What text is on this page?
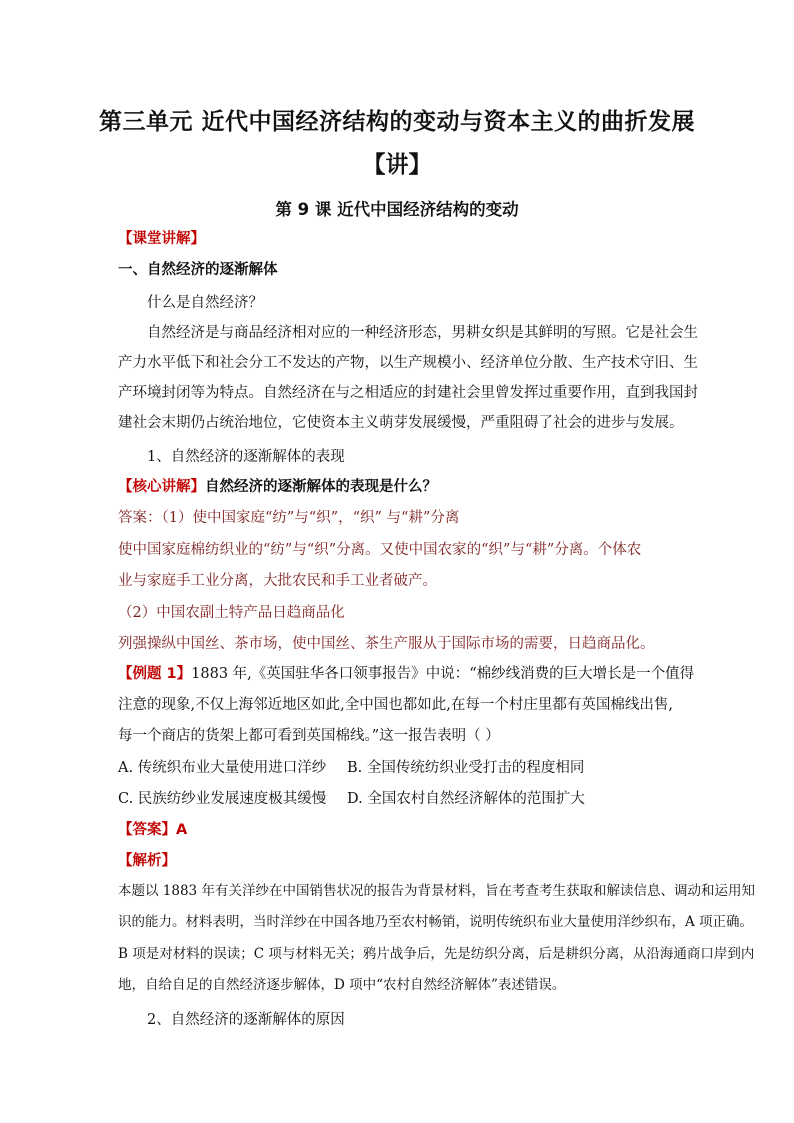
第三单元 近代中国经济结构的变动与资本主义的曲折发展
【讲】
第 9 课 近代中国经济结构的变动
【课堂讲解】
一、自然经济的逐渐解体
什么是自然经济？
自然经济是与商品经济相对应的一种经济形态，男耕女织是其鲜明的写照。它是社会生
产力水平低下和社会分工不发达的产物，以生产规模小、经济单位分散、生产技术守旧、生
产环境封闭等为特点。自然经济在与之相适应的封建社会里曾发挥过重要作用，直到我国封
建社会末期仍占统治地位，它使资本主义萌芽发展缓慢，严重阻碍了社会的进步与发展。
1、自然经济的逐渐解体的表现
【核心讲解】自然经济的逐渐解体的表现是什么？
答案：（1）使中国家庭“纺”与“织”，“织” 与“耕”分离
使中国家庭棉纺织业的“纺”与“织”分离。又使中国农家的“织”与“耕”分离。个体农
业与家庭手工业分离，大批农民和手工业者破产。
（2）中国农副土特产品日趋商品化
列强操纵中国丝、茶市场，使中国丝、茶生产服从于国际市场的需要，日趋商品化。
【例题 1】1883 年,《英国驻华各口领事报告》中说：“棉纱线消费的巨大增长是一个值得
注意的现象,不仅上海邻近地区如此,全中国也都如此,在每一个村庄里都有英国棉线出售,
每一个商店的货架上都可看到英国棉线。”这一报告表明（ ）
A. 传统织布业大量使用进口洋纱 B. 全国传统纺织业受打击的程度相同
C. 民族纺纱业发展速度极其缓慢 D. 全国农村自然经济解体的范围扩大
【答案】A
【解析】
本题以 1883 年有关洋纱在中国销售状况的报告为背景材料，旨在考查考生获取和解读信息、调动和运用知
识的能力。材料表明，当时洋纱在中国各地乃至农村畅销，说明传统织布业大量使用洋纱织布，A 项正确。
B 项是对材料的误读；C 项与材料无关；鸦片战争后，先是纺织分离，后是耕织分离，从沿海通商口岸到内
地，自给自足的自然经济逐步解体，D 项中“农村自然经济解体”表述错误。
2、自然经济的逐渐解体的原因
